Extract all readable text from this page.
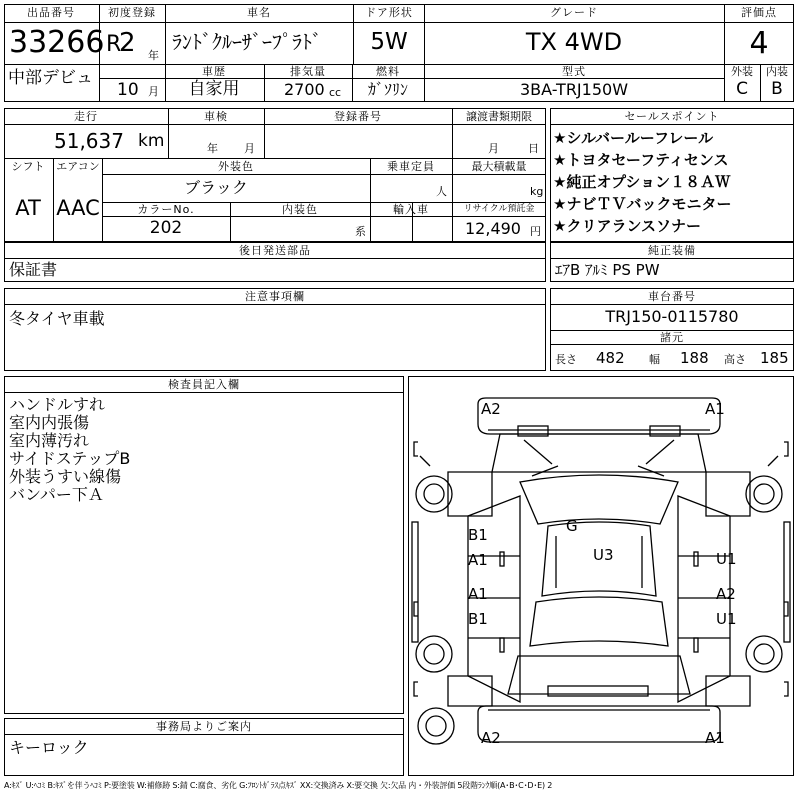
出品番号
33266
中部デビュ
初度登録
R
2 年
10 月
車名
ﾗﾝﾄﾞｸﾙｰｻﾞｰﾌﾟﾗﾄﾞ
ドア形状
5W
グレード
TX 4WD
評価点
4
外装 内装
C B
車歴
自家用
排気量
2700 cc
燃料
ｶﾞｿﾘﾝ
型式
3BA-TRJ150W
走行
51,637 km
車検
年 月
登録番号	譲渡書類期限
月	日
シフト エアコン
AT AAC
外装色
ブラック
乗車定員
人
最大積載量
kg
カラーNo.
202
内装色
系
輸入車	リサイクル預託金
12,490 円
セールスポイント
★シルバールーフレール
★トヨタセーフティセンス
★純正オプション１８ＡＷ
★ナビＴＶバックモニター
★クリアランスソナー
後日発送部品
保証書
純正装備
ｴｱB ｱﾙﾐ PS PW
注意事項欄
冬タイヤ車載
車台番号
TRJ150-0115780
諸元
長さ 482 幅 188 高さ 185
検査員記入欄
ハンドルすれ
室内内張傷
室内薄汚れ
サイドステップB
外装うすい線傷
バンパー下Ａ
事務局よりご案内
キーロック
A2	A1
B1
A1
A1
B1
G
U3	U1
A2
U1
A2	A1
A:ｷｽﾞ U:ﾍｺﾐ B:ｷｽﾞを伴うﾍｺﾐ P:要塗装 W:補修跡 S:錆 C:腐食、劣化 G:ﾌﾛﾝﾄｶﾞﾗｽ点ｷｽﾞ XX:交換済み X:要交換 欠:欠品 内・外装評価 5段階ﾗﾝｸ順(A･B･C･D･E) 2
